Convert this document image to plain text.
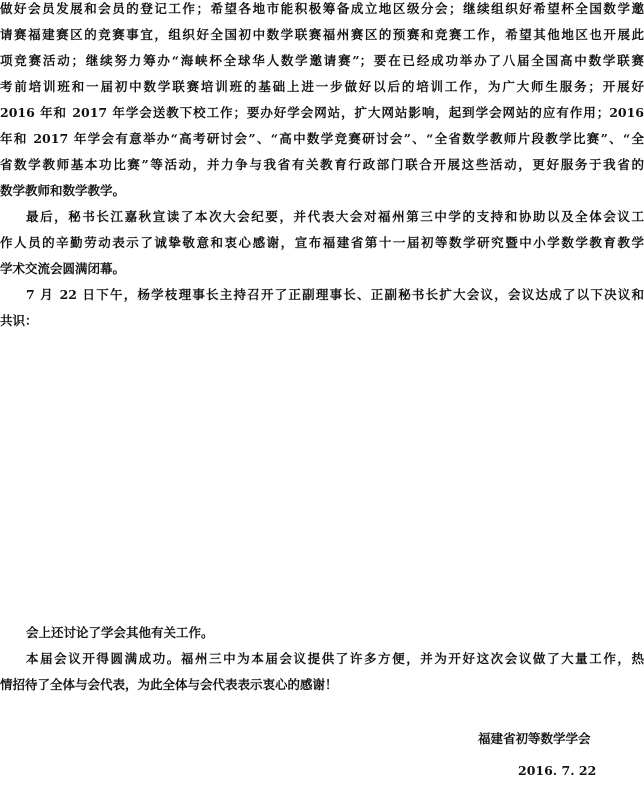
做好会员发展和会员的登记工作；希望各地市能积极筹备成立地区级分会；继续组织好希望杯全国数学邀
请赛福建赛区的竞赛事宜，组织好全国初中数学联赛福州赛区的预赛和竞赛工作，希望其他地区也开展此
项竞赛活动；继续努力筹办“海峡杯全球华人数学邀请赛”；要在已经成功举办了八届全国高中数学联赛
考前培训班和一届初中数学联赛培训班的基础上进一步做好以后的培训工作，为广大师生服务；开展好
2016 年和 2017 年学会送教下校工作；要办好学会网站，扩大网站影响，起到学会网站的应有作用；2016
年和 2017 年学会有意举办“高考研讨会”、“高中数学竞赛研讨会”、“全省数学教师片段教学比赛”、“全
省数学教师基本功比赛”等活动，并力争与我省有关教育行政部门联合开展这些活动，更好服务于我省的
数学教师和数学教学。
最后，秘书长江嘉秋宣读了本次大会纪要，并代表大会对福州第三中学的支持和协助以及全体会议工
作人员的辛勤劳动表示了诚挚敬意和衷心感谢，宣布福建省第十一届初等数学研究暨中小学数学教育教学
学术交流会圆满闭幕。
7 月 22 日下午，杨学枝理事长主持召开了正副理事长、正副秘书长扩大会议，会议达成了以下决议和
共识：
会上还讨论了学会其他有关工作。
本届会议开得圆满成功。福州三中为本届会议提供了许多方便，并为开好这次会议做了大量工作，热
情招待了全体与会代表，为此全体与会代表表示衷心的感谢！
福建省初等数学学会
2016. 7. 22
